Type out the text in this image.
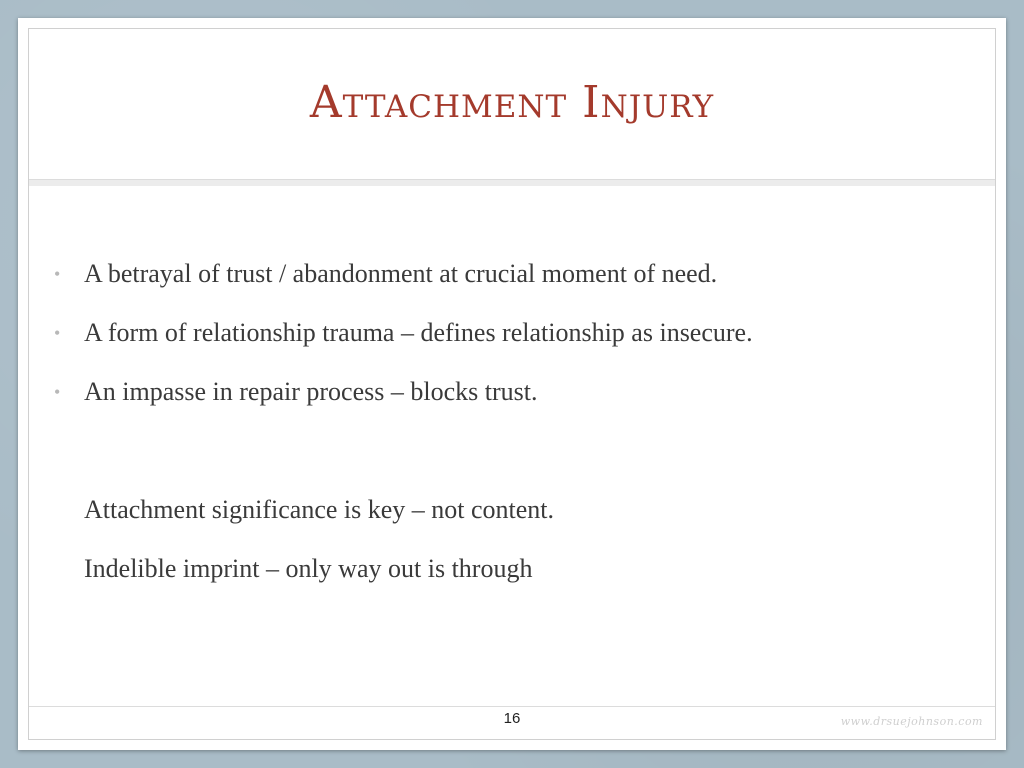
Attachment Injury
• A betrayal of trust / abandonment at crucial moment of need.
• A form of relationship trauma – defines relationship as insecure.
• An impasse in repair process – blocks trust.

Attachment significance is key – not content.

Indelible imprint – only way out is through

16	www.drsuejohnson.com
